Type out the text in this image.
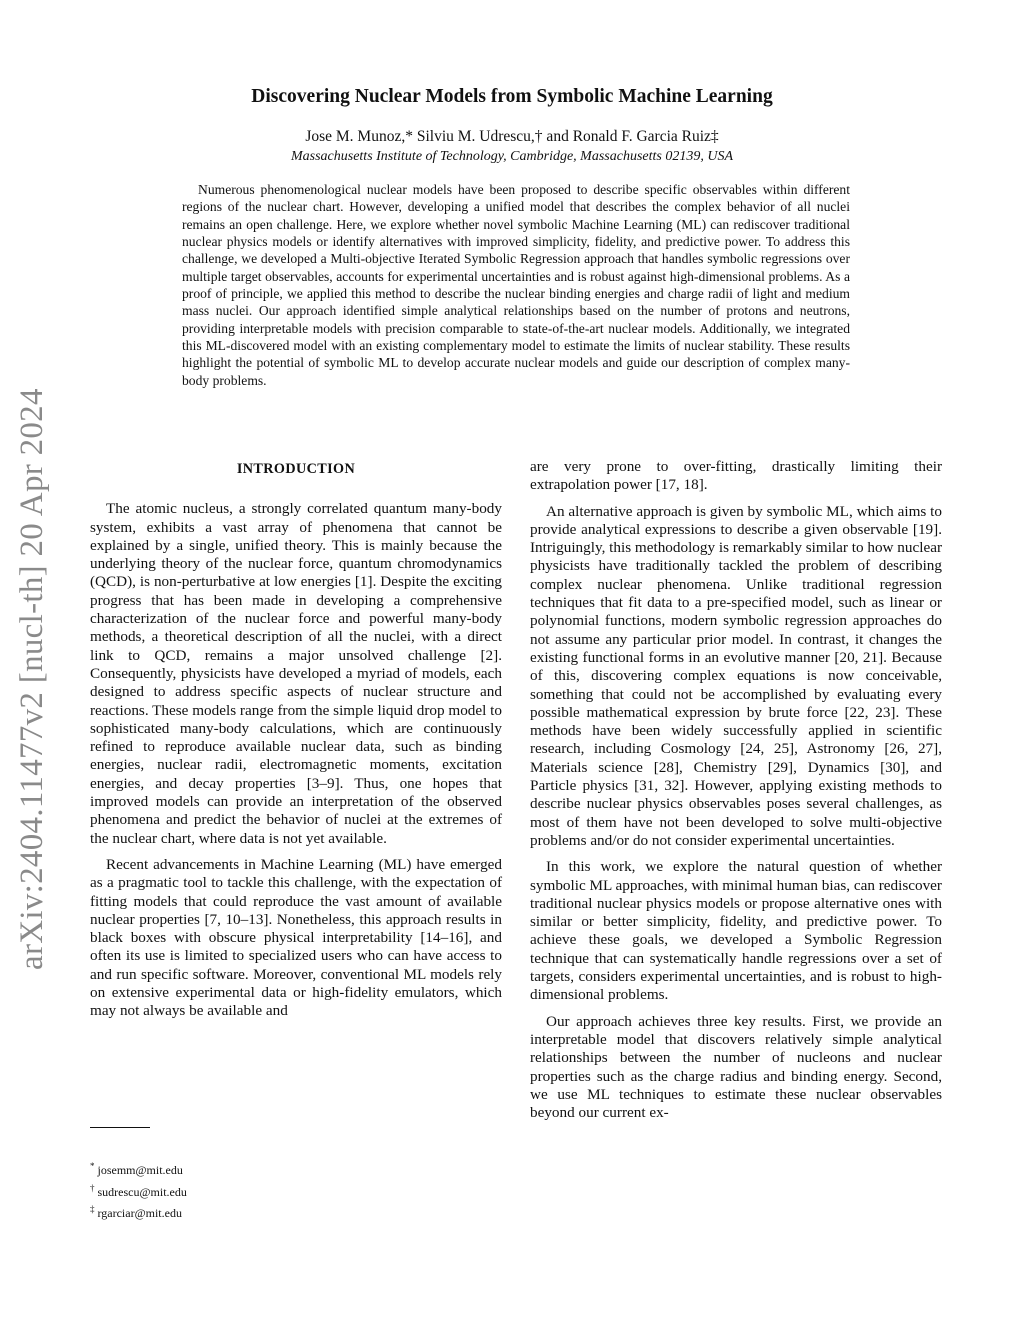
arXiv:2404.11477v2 [nucl-th] 20 Apr 2024
Discovering Nuclear Models from Symbolic Machine Learning
Jose M. Munoz,* Silviu M. Udrescu,† and Ronald F. Garcia Ruiz‡
Massachusetts Institute of Technology, Cambridge, Massachusetts 02139, USA

Numerous phenomenological nuclear models have been proposed to describe specific observables within different regions of the nuclear chart. However, developing a unified model that describes the complex behavior of all nuclei remains an open challenge. Here, we explore whether novel symbolic Machine Learning (ML) can rediscover traditional nuclear physics models or identify alternatives with improved simplicity, fidelity, and predictive power. To address this challenge, we developed a Multi-objective Iterated Symbolic Regression approach that handles symbolic regressions over multiple target observables, accounts for experimental uncertainties and is robust against high-dimensional problems. As a proof of principle, we applied this method to describe the nuclear binding energies and charge radii of light and medium mass nuclei. Our approach identified simple analytical relationships based on the number of protons and neutrons, providing interpretable models with precision comparable to state-of-the-art nuclear models. Additionally, we integrated this ML-discovered model with an existing complementary model to estimate the limits of nuclear stability. These results highlight the potential of symbolic ML to develop accurate nuclear models and guide our description of complex many-body problems.

INTRODUCTION

The atomic nucleus, a strongly correlated quantum many-body system, exhibits a vast array of phenomena that cannot be explained by a single, unified theory. This is mainly because the underlying theory of the nuclear force, quantum chromodynamics (QCD), is non-perturbative at low energies [1]. Despite the exciting progress that has been made in developing a comprehensive characterization of the nuclear force and powerful many-body methods, a theoretical description of all the nuclei, with a direct link to QCD, remains a major unsolved challenge [2]. Consequently, physicists have developed a myriad of models, each designed to address specific aspects of nuclear structure and reactions. These models range from the simple liquid drop model to sophisticated many-body calculations, which are continuously refined to reproduce available nuclear data, such as binding energies, nuclear radii, electromagnetic moments, excitation energies, and decay properties [3–9]. Thus, one hopes that improved models can provide an interpretation of the observed phenomena and predict the behavior of nuclei at the extremes of the nuclear chart, where data is not yet available.

Recent advancements in Machine Learning (ML) have emerged as a pragmatic tool to tackle this challenge, with the expectation of fitting models that could reproduce the vast amount of available nuclear properties [7, 10–13]. Nonetheless, this approach results in black boxes with obscure physical interpretability [14–16], and often its use is limited to specialized users who can have access to and run specific software. Moreover, conventional ML models rely on extensive experimental data or high-fidelity emulators, which may not always be available and

are very prone to over-fitting, drastically limiting their extrapolation power [17, 18].

An alternative approach is given by symbolic ML, which aims to provide analytical expressions to describe a given observable [19]. Intriguingly, this methodology is remarkably similar to how nuclear physicists have traditionally tackled the problem of describing complex nuclear phenomena. Unlike traditional regression techniques that fit data to a pre-specified model, such as linear or polynomial functions, modern symbolic regression approaches do not assume any particular prior model. In contrast, it changes the existing functional forms in an evolutive manner [20, 21]. Because of this, discovering complex equations is now conceivable, something that could not be accomplished by evaluating every possible mathematical expression by brute force [22, 23]. These methods have been widely successfully applied in scientific research, including Cosmology [24, 25], Astronomy [26, 27], Materials science [28], Chemistry [29], Dynamics [30], and Particle physics [31, 32]. However, applying existing methods to describe nuclear physics observables poses several challenges, as most of them have not been developed to solve multi-objective problems and/or do not consider experimental uncertainties.

In this work, we explore the natural question of whether symbolic ML approaches, with minimal human bias, can rediscover traditional nuclear physics models or propose alternative ones with similar or better simplicity, fidelity, and predictive power. To achieve these goals, we developed a Symbolic Regression technique that can systematically handle regressions over a set of targets, considers experimental uncertainties, and is robust to high-dimensional problems.

Our approach achieves three key results. First, we provide an interpretable model that discovers relatively simple analytical relationships between the number of nucleons and nuclear properties such as the charge radius and binding energy. Second, we use ML techniques to estimate these nuclear observables beyond our current ex-

* josemm@mit.edu
† sudrescu@mit.edu
‡ rgarciar@mit.edu
